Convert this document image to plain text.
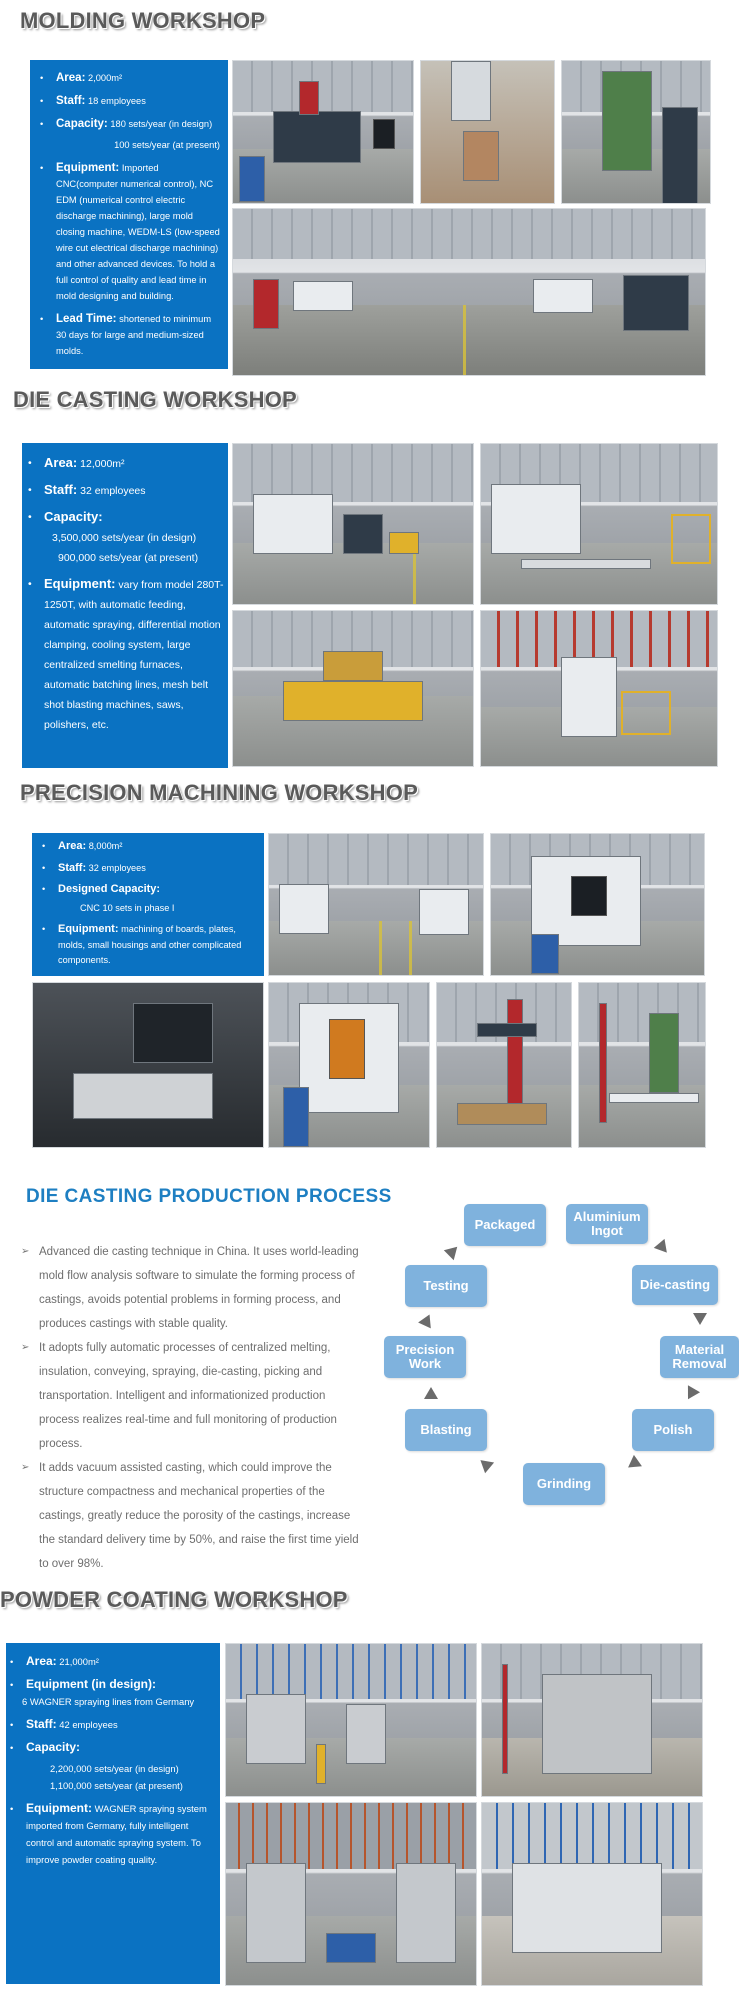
MOLDING WORKSHOP
• Area: 2,000m²
• Staff: 18 employees
• Capacity: 180 sets/year (in design)
100 sets/year (at present)
• Equipment: Imported CNC(computer numerical control), NC EDM (numerical control electric discharge machining), large mold closing machine, WEDM-LS (low-speed wire cut electrical discharge machining) and other advanced devices. To hold a full control of quality and lead time in mold designing and building.
• Lead Time: shortened to minimum 30 days for large and medium-sized molds.
DIE CASTING WORKSHOP
• Area: 12,000m²
• Staff: 32 employees
• Capacity:
3,500,000 sets/year (in design)
900,000 sets/year (at present)
• Equipment: vary from model 280T-1250T, with automatic feeding, automatic spraying, differential motion clamping, cooling system, large centralized smelting furnaces, automatic batching lines, mesh belt shot blasting machines, saws, polishers, etc.
PRECISION MACHINING WORKSHOP
• Area: 8,000m²
• Staff: 32 employees
• Designed Capacity:
CNC 10 sets in phase I
• Equipment: machining of boards, plates, molds, small housings and other complicated components.
DIE CASTING PRODUCTION PROCESS

➢ Advanced die casting technique in China. It uses world-leading mold flow analysis software to simulate the forming process of castings, avoids potential problems in forming process, and produces castings with stable quality.

➢ It adopts fully automatic processes of centralized melting, insulation, conveying, spraying, die-casting, picking and transportation. Intelligent and informationized production process realizes real-time and full monitoring of production process.

➢ It adds vacuum assisted casting, which could improve the structure compactness and mechanical properties of the castings, greatly reduce the porosity of the castings, increase the standard delivery time by 50%, and raise the first time yield to over 98%.

Aluminium Ingot
Die-casting
Material Removal
Polish
Grinding
Blasting
Precision Work
Testing
Packaged
POWDER COATING WORKSHOP
• Area: 21,000m²
• Equipment (in design):
6 WAGNER spraying lines from Germany
• Staff: 42 employees
• Capacity:
2,200,000 sets/year (in design)
1,100,000 sets/year (at present)
• Equipment: WAGNER spraying system imported from Germany, fully intelligent control and automatic spraying system. To improve powder coating quality.
